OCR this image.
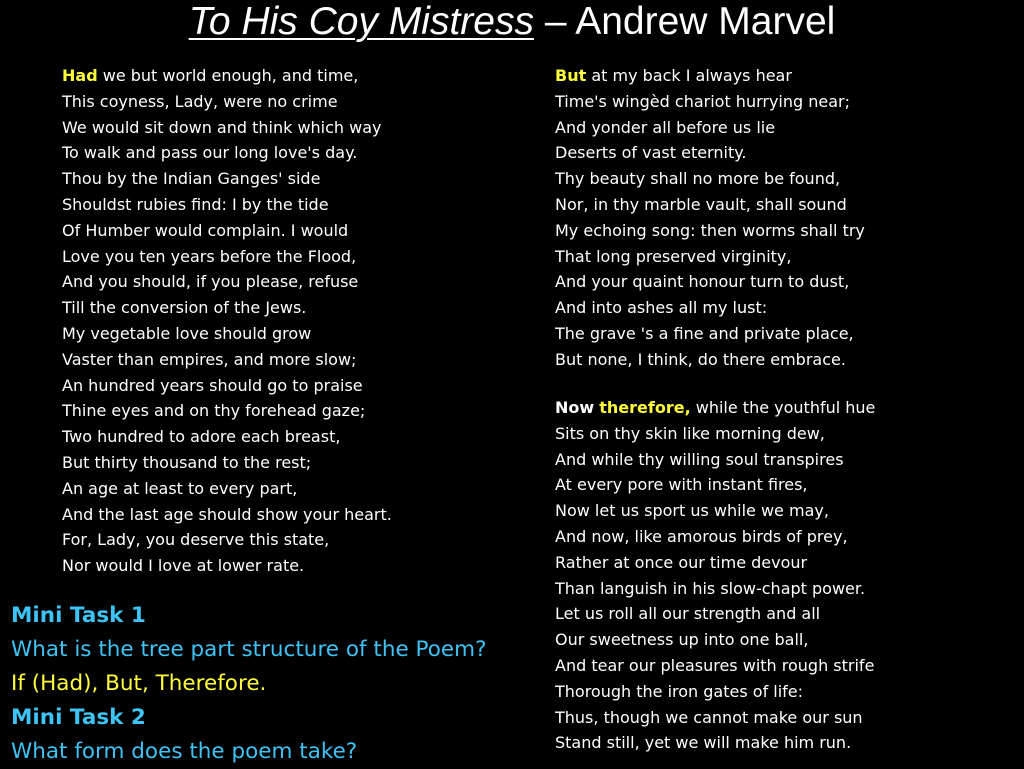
To His Coy Mistress – Andrew Marvel
Had we but world enough, and time,
This coyness, Lady, were no crime
We would sit down and think which way
To walk and pass our long love's day.
Thou by the Indian Ganges' side
Shouldst rubies find: I by the tide
Of Humber would complain. I would
Love you ten years before the Flood,
And you should, if you please, refuse
Till the conversion of the Jews.
My vegetable love should grow
Vaster than empires, and more slow;
An hundred years should go to praise
Thine eyes and on thy forehead gaze;
Two hundred to adore each breast,
But thirty thousand to the rest;
An age at least to every part,
And the last age should show your heart.
For, Lady, you deserve this state,
Nor would I love at lower rate.
But at my back I always hear
Time's wingèd chariot hurrying near;
And yonder all before us lie
Deserts of vast eternity.
Thy beauty shall no more be found,
Nor, in thy marble vault, shall sound
My echoing song: then worms shall try
That long preserved virginity,
And your quaint honour turn to dust,
And into ashes all my lust:
The grave 's a fine and private place,
But none, I think, do there embrace.
Now therefore, while the youthful hue
Sits on thy skin like morning dew,
And while thy willing soul transpires
At every pore with instant fires,
Now let us sport us while we may,
And now, like amorous birds of prey,
Rather at once our time devour
Than languish in his slow-chapt power.
Let us roll all our strength and all
Our sweetness up into one ball,
And tear our pleasures with rough strife
Thorough the iron gates of life:
Thus, though we cannot make our sun
Stand still, yet we will make him run.
Mini Task 1
What is the tree part structure of the Poem?
If (Had), But, Therefore.
Mini Task 2
What form does the poem take?
